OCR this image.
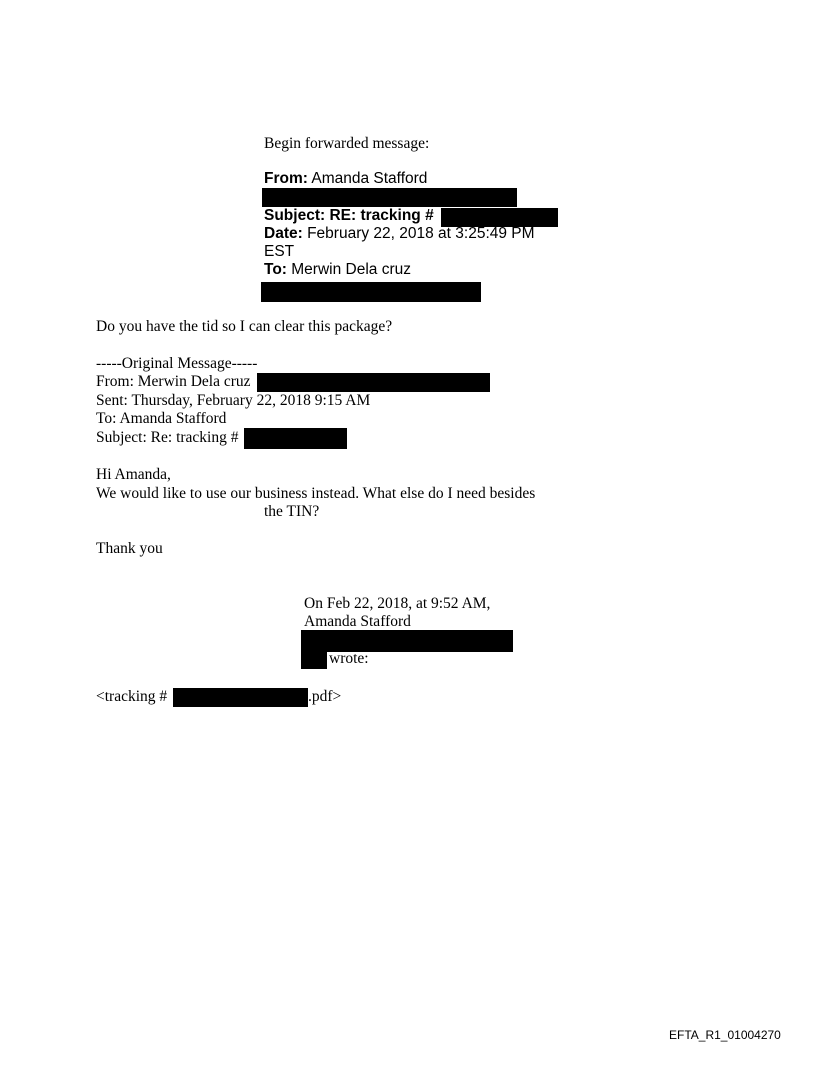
Begin forwarded message:
From: Amanda Stafford
Subject: RE: tracking #
Date: February 22, 2018 at 3:25:49 PM
EST
To: Merwin Dela cruz
Do you have the tid so I can clear this package?
-----Original Message-----
From: Merwin Dela cruz
Sent: Thursday, February 22, 2018 9:15 AM
To: Amanda Stafford
Subject: Re: tracking #
Hi Amanda,
We would like to use our business instead. What else do I need besides
the TIN?
Thank you
On Feb 22, 2018, at 9:52 AM,
Amanda Stafford
wrote:
<tracking #	.pdf>
EFTA_R1_01004270
